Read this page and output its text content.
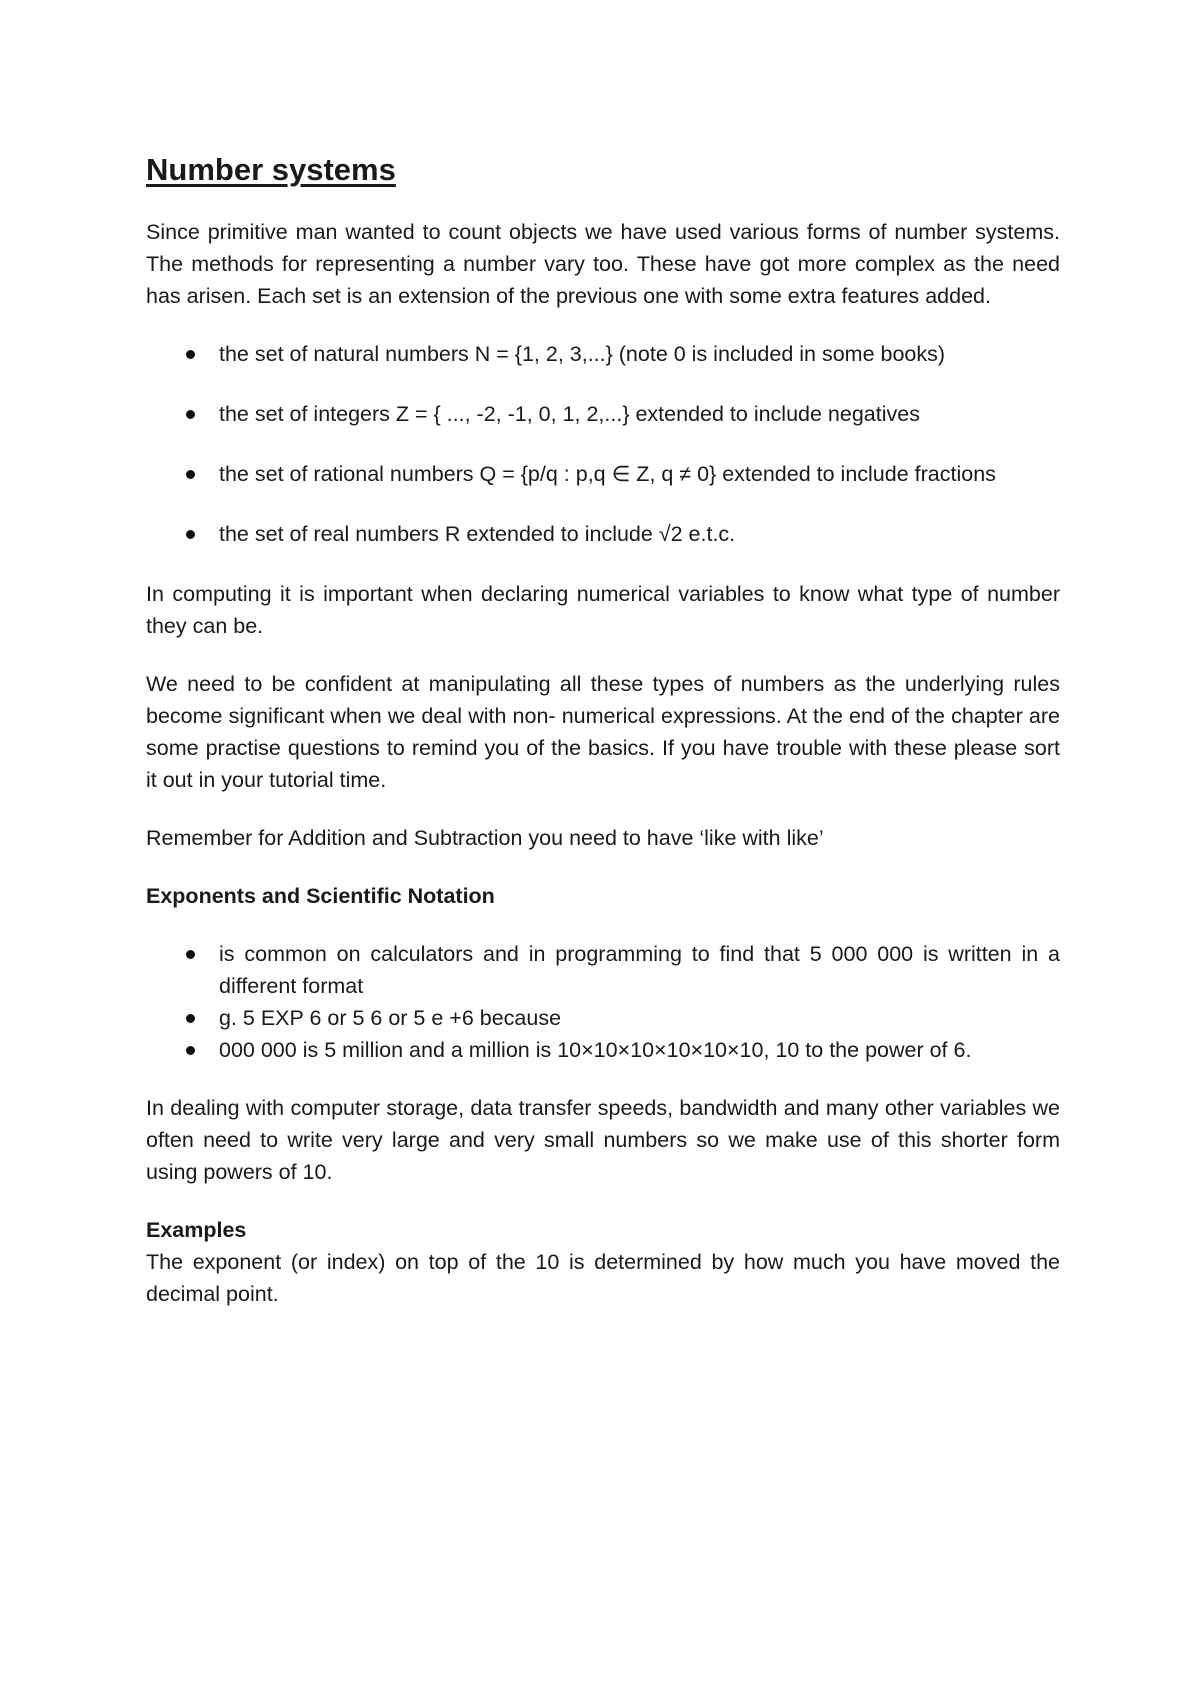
Number systems

Since primitive man wanted to count objects we have used various forms of number systems. The methods for representing a number vary too. These have got more complex as the need has arisen. Each set is an extension of the previous one with some extra features added.

the set of natural numbers N = {1, 2, 3,...} (note 0 is included in some books)
the set of integers Z = { ..., -2, -1, 0, 1, 2,...} extended to include negatives
the set of rational numbers Q = {p/q : p,q ∈ Z, q ≠ 0} extended to include fractions
the set of real numbers R extended to include √2 e.t.c.

In computing it is important when declaring numerical variables to know what type of number they can be.

We need to be confident at manipulating all these types of numbers as the underlying rules become significant when we deal with non- numerical expressions. At the end of the chapter are some practise questions to remind you of the basics. If you have trouble with these please sort it out in your tutorial time.

Remember for Addition and Subtraction you need to have ‘like with like’

Exponents and Scientific Notation
is common on calculators and in programming to find that 5 000 000 is written in a different format
g. 5 EXP 6 or 5 6 or 5 e +6 because
000 000 is 5 million and a million is 10×10×10×10×10×10, 10 to the power of 6.

In dealing with computer storage, data transfer speeds, bandwidth and many other variables we often need to write very large and very small numbers so we make use of this shorter form using powers of 10.

Examples

The exponent (or index) on top of the 10 is determined by how much you have moved the decimal point.
